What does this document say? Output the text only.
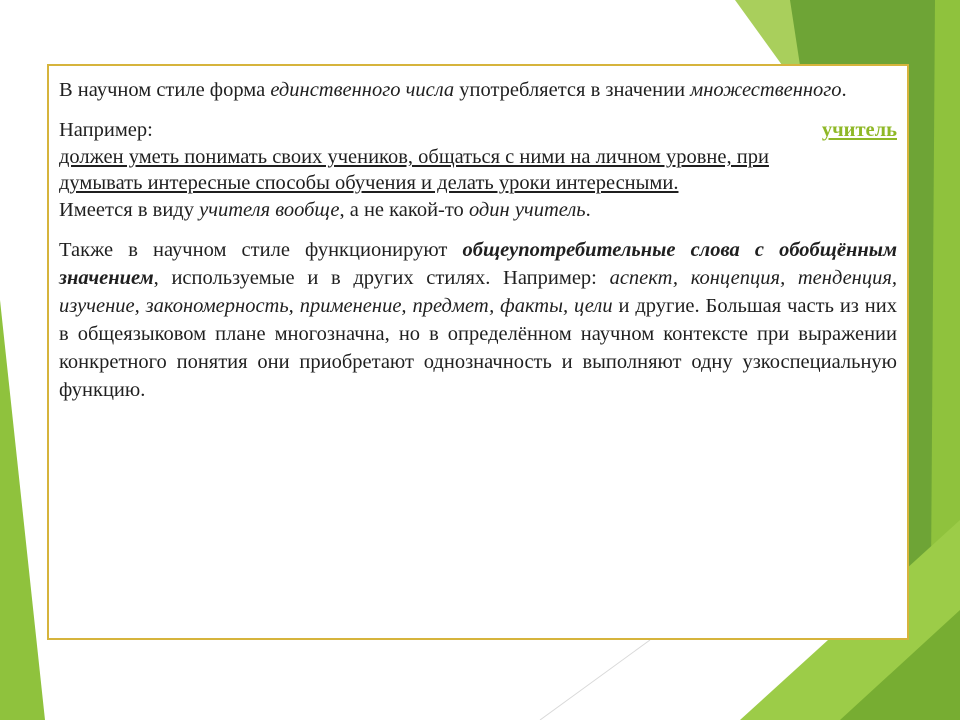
В научном стиле форма единственного числа употребляется в значении множественного.

Например:	учитель

должен уметь понимать своих учеников, общаться с ними на личном уровне, при

думывать интересные способы обучения и делать уроки интересными.

Имеется в виду учителя вообще, а не какой-то один учитель.

Также в научном стиле функционируют общеупотребительные слова с обобщённым значением, используемые и в других стилях. Например: аспект, концепция, тенденция, изучение, закономерность, применение, предмет, факты, цели и другие. Большая часть из них в общеязыковом плане многозначна, но в определённом научном контексте при выражении конкретного понятия они приобретают однозначность и выполняют одну узкоспециальную функцию.
